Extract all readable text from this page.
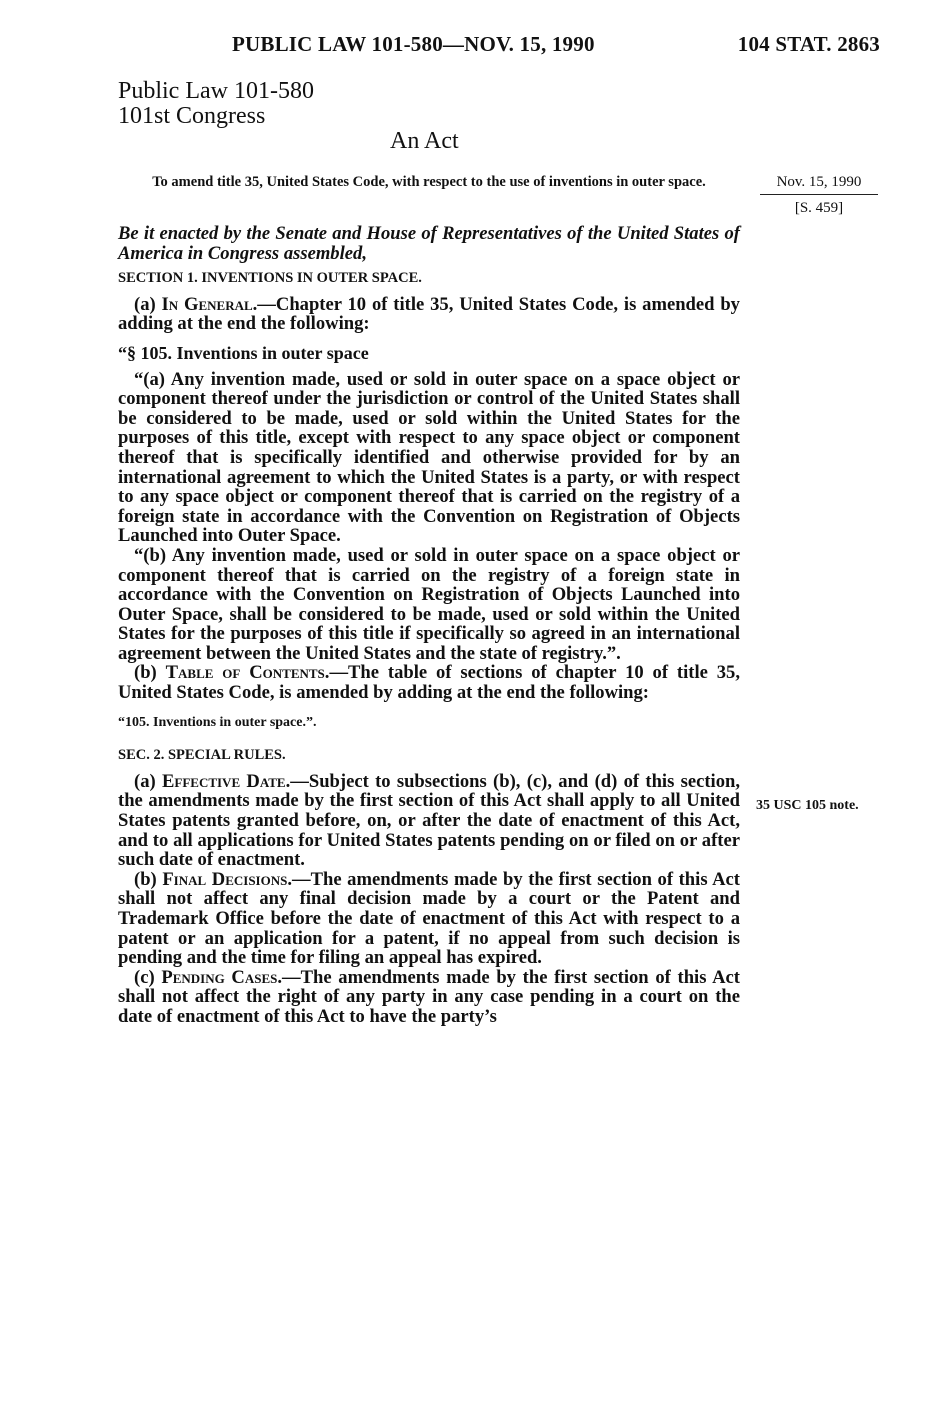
PUBLIC LAW 101-580—NOV. 15, 1990	104 STAT. 2863
Public Law 101-580
101st Congress
An Act
To amend title 35, United States Code, with respect to the use of inventions in outer space.	Nov. 15, 1990
[S. 459]
35 USC 105 note.

Be it enacted by the Senate and House of Representatives of the United States of America in Congress assembled,

SECTION 1. INVENTIONS IN OUTER SPACE.

(a) In General.—Chapter 10 of title 35, United States Code, is amended by adding at the end the following:

“§ 105. Inventions in outer space

“(a) Any invention made, used or sold in outer space on a space object or component thereof under the jurisdiction or control of the United States shall be considered to be made, used or sold within the United States for the purposes of this title, except with respect to any space object or component thereof that is specifically identified and otherwise provided for by an international agreement to which the United States is a party, or with respect to any space object or component thereof that is carried on the registry of a foreign state in accordance with the Convention on Registration of Objects Launched into Outer Space.

“(b) Any invention made, used or sold in outer space on a space object or component thereof that is carried on the registry of a foreign state in accordance with the Convention on Registration of Objects Launched into Outer Space, shall be considered to be made, used or sold within the United States for the purposes of this title if specifically so agreed in an international agreement between the United States and the state of registry.”.

(b) Table of Contents.—The table of sections of chapter 10 of title 35, United States Code, is amended by adding at the end the following:

“105. Inventions in outer space.”.
SEC. 2. SPECIAL RULES.

(a) Effective Date.—Subject to subsections (b), (c), and (d) of this section, the amendments made by the first section of this Act shall apply to all United States patents granted before, on, or after the date of enactment of this Act, and to all applications for United States patents pending on or filed on or after such date of enactment.

(b) Final Decisions.—The amendments made by the first section of this Act shall not affect any final decision made by a court or the Patent and Trademark Office before the date of enactment of this Act with respect to a patent or an application for a patent, if no appeal from such decision is pending and the time for filing an appeal has expired.

(c) Pending Cases.—The amendments made by the first section of this Act shall not affect the right of any party in any case pending in a court on the date of enactment of this Act to have the party’s
